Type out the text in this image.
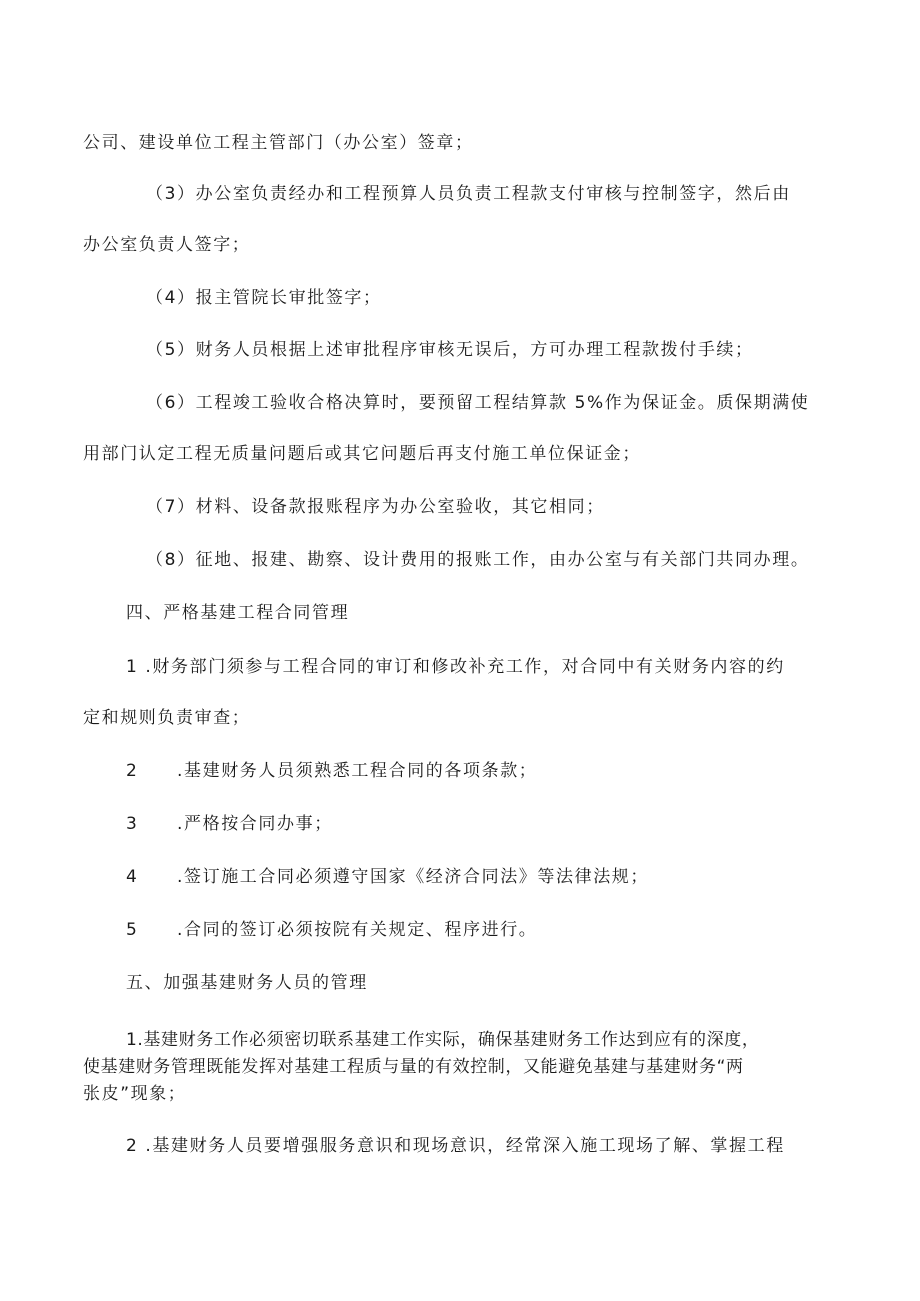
公司、建设单位工程主管部门（办公室）签章；
（3）办公室负责经办和工程预算人员负责工程款支付审核与控制签字，然后由
办公室负责人签字；
（4）报主管院长审批签字；
（5）财务人员根据上述审批程序审核无误后，方可办理工程款拨付手续；
（6）工程竣工验收合格决算时，要预留工程结算款 5%作为保证金。质保期满使
用部门认定工程无质量问题后或其它问题后再支付施工单位保证金；
（7）材料、设备款报账程序为办公室验收，其它相同；
（8）征地、报建、勘察、设计费用的报账工作，由办公室与有关部门共同办理。
四、严格基建工程合同管理
1 .财务部门须参与工程合同的审订和修改补充工作，对合同中有关财务内容的约
定和规则负责审查；
2 .基建财务人员须熟悉工程合同的各项条款；
3 .严格按合同办事；
4 .签订施工合同必须遵守国家《经济合同法》等法律法规；
5 .合同的签订必须按院有关规定、程序进行。
五、加强基建财务人员的管理
1.基建财务工作必须密切联系基建工作实际，确保基建财务工作达到应有的深度，
使基建财务管理既能发挥对基建工程质与量的有效控制，又能避免基建与基建财务“两
张皮”现象；
2 .基建财务人员要增强服务意识和现场意识，经常深入施工现场了解、掌握工程
